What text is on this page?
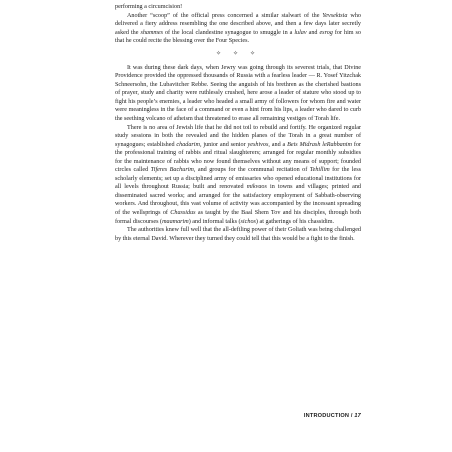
performing a circumcision!

Another “scoop” of the official press concerned a similar stalwart of the Yevsektsia who delivered a fiery address resembling the one described above, and then a few days later secretly asked the shammes of the local clandestine synagogue to smuggle in a lulav and esrog for him so that he could recite the blessing over the Four Species.

✧ ✧ ✧

It was during these dark days, when Jewry was going through its severest trials, that Divine Providence provided the oppressed thousands of Russia with a fearless leader — R. Yosef Yitzchak Schneersohn, the Lubavitcher Rebbe. Seeing the anguish of his brethren as the cherished bastions of prayer, study and charity were ruthlessly crushed, here arose a leader of stature who stood up to fight his people’s enemies, a leader who headed a small army of followers for whom fire and water were meaningless in the face of a command or even a hint from his lips, a leader who dared to curb the seething volcano of atheism that threatened to erase all remaining vestiges of Torah life.

There is no area of Jewish life that he did not toil to rebuild and fortify. He organized regular study sessions in both the revealed and the hidden planes of the Torah in a great number of synagogues; established chadarim, junior and senior yeshivos, and a Beis Midrash leRabbanim for the professional training of rabbis and ritual slaughterers; arranged for regular monthly subsidies for the maintenance of rabbis who now found themselves without any means of support; founded circles called Tiferes Bachurim, and groups for the communal recitation of Tehillim for the less scholarly elements; set up a disciplined army of emissaries who opened educational institutions for all levels throughout Russia; built and renovated mikvaos in towns and villages; printed and disseminated sacred works; and arranged for the satisfactory employment of Sabbath-observing workers. And throughout, this vast volume of activity was accompanied by the incessant spreading of the wellsprings of Chassidus as taught by the Baal Shem Tov and his disciples, through both formal discourses (maamarim) and informal talks (sichos) at gatherings of his chassidim.

The authorities knew full well that the all-defiling power of their Goliath was being challenged by this eternal David. Wherever they turned they could tell that this would be a fight to the finish.

INTRODUCTION / 17
